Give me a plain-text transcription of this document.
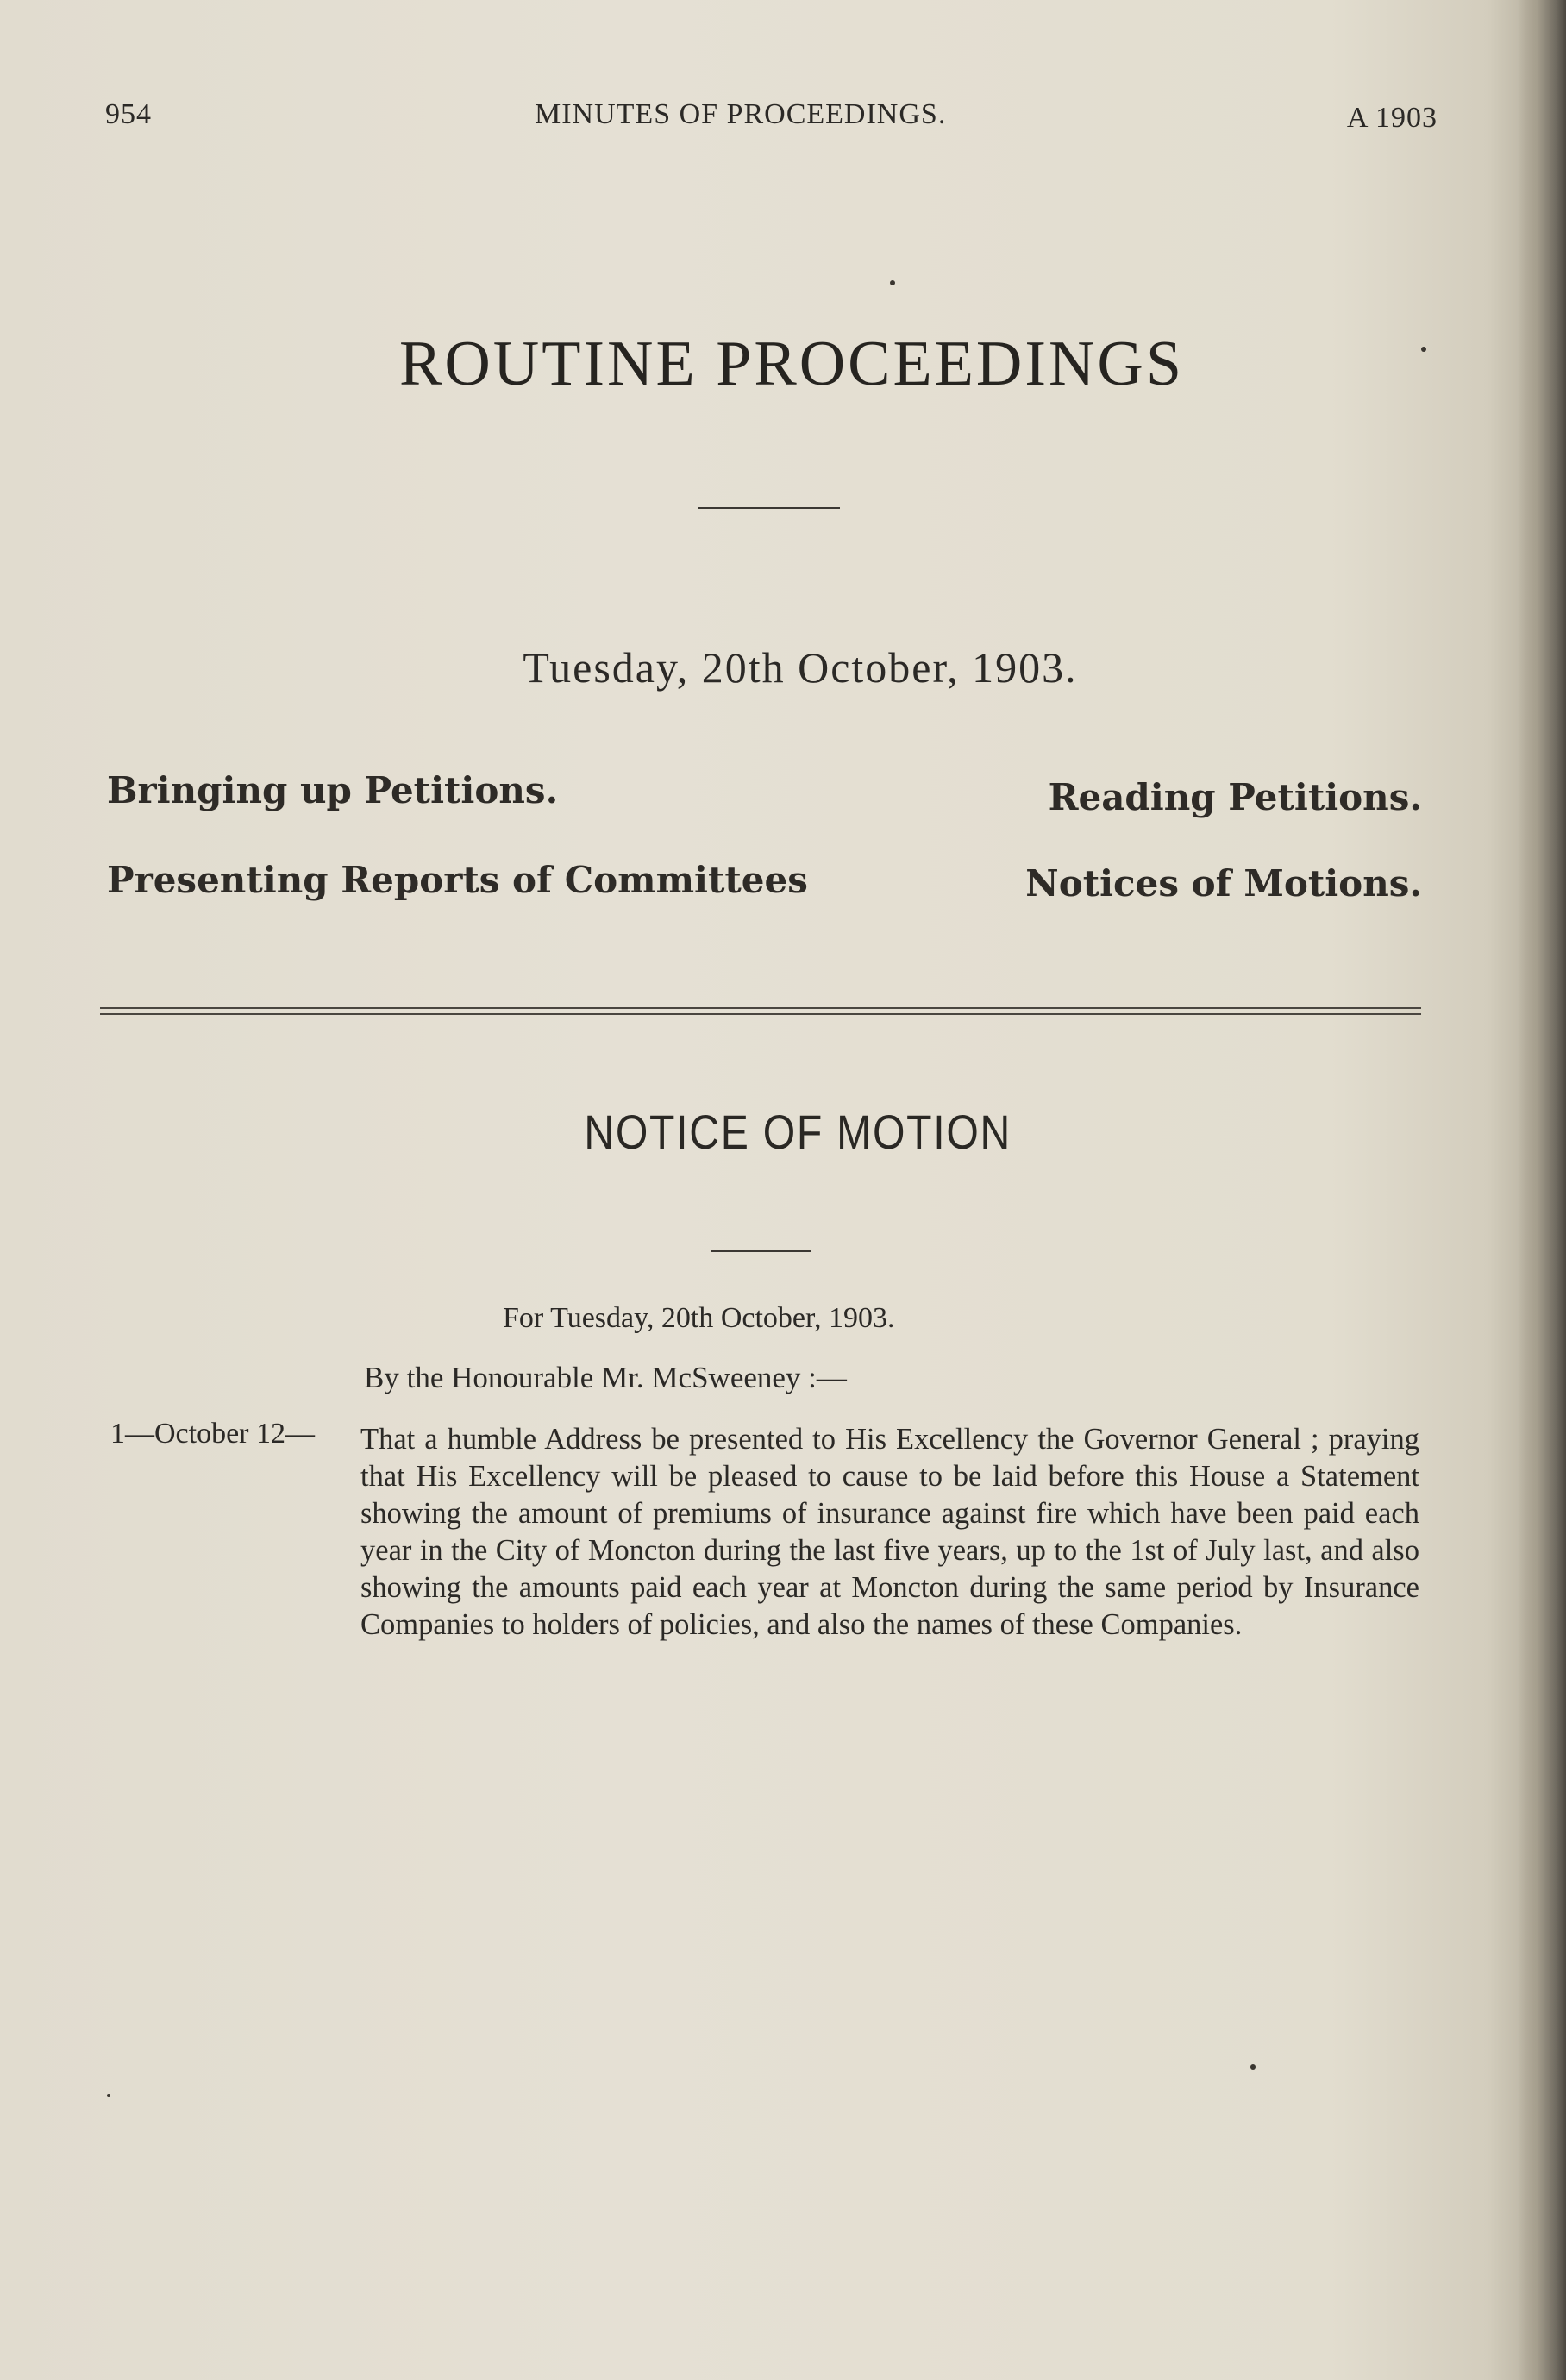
954	MINUTES OF PROCEEDINGS.	A 1903
ROUTINE PROCEEDINGS
Tuesday, 20th October, 1903.
Bringing up Petitions.	Reading Petitions.
Presenting Reports of Committees	Notices of Motions.
NOTICE OF MOTION
For Tuesday, 20th October, 1903.
By the Honourable Mr. McSweeney :—
1—October 12— That a humble Address be presented to His Excellency the Governor General ; praying that His Excellency will be pleased to cause to be laid before this House a Statement showing the amount of premiums of insurance against fire which have been paid each year in the City of Moncton during the last five years, up to the 1st of July last, and also showing the amounts paid each year at Moncton during the same period by Insurance Companies to holders of policies, and also the names of these Companies.
